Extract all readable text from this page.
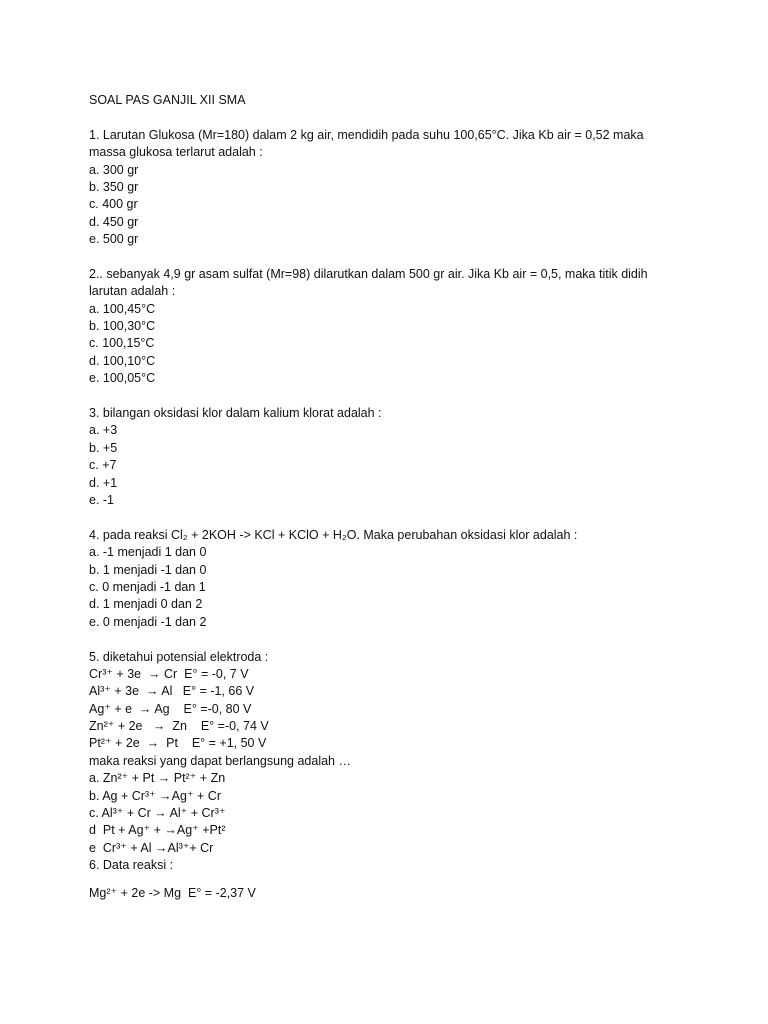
SOAL PAS GANJIL XII SMA
1. Larutan Glukosa (Mr=180) dalam 2 kg air, mendidih pada suhu 100,65°C. Jika Kb air = 0,52 maka
massa glukosa terlarut adalah :
a. 300 gr
b. 350 gr
c. 400 gr
d. 450 gr
e. 500 gr
2.. sebanyak 4,9 gr asam sulfat (Mr=98) dilarutkan dalam 500 gr air. Jika Kb air = 0,5, maka titik didih
larutan adalah :
a. 100,45°C
b. 100,30°C
c. 100,15°C
d. 100,10°C
e. 100,05°C
3. bilangan oksidasi klor dalam kalium klorat adalah :
a. +3
b. +5
c. +7
d. +1
e. -1
4. pada reaksi Cl₂ + 2KOH -> KCl + KClO + H₂O. Maka perubahan oksidasi klor adalah :
a. -1 menjadi 1 dan 0
b. 1 menjadi -1 dan 0
c. 0 menjadi -1 dan 1
d. 1 menjadi 0 dan 2
e. 0 menjadi -1 dan 2
5. diketahui potensial elektroda :
Cr³⁺ + 3e  → Cr  E° = -0, 7 V
Al³⁺ + 3e  → Al   E° = -1, 66 V
Ag⁺ + e  → Ag    E° =-0, 80 V
Zn²⁺ + 2e   →  Zn    E° =-0, 74 V
Pt²⁺ + 2e  →  Pt    E° = +1, 50 V
maka reaksi yang dapat berlangsung adalah …
a. Zn²⁺ + Pt → Pt²⁺ + Zn
b. Ag + Cr³⁺ →Ag⁺ + Cr
c. Al³⁺ + Cr → Al⁺ + Cr³⁺
d  Pt + Ag⁺ + →Ag⁺ +Pt²
e  Cr³⁺ + Al →Al³⁺+ Cr
6. Data reaksi :
Mg²⁺ + 2e -> Mg  E° = -2,37 V
